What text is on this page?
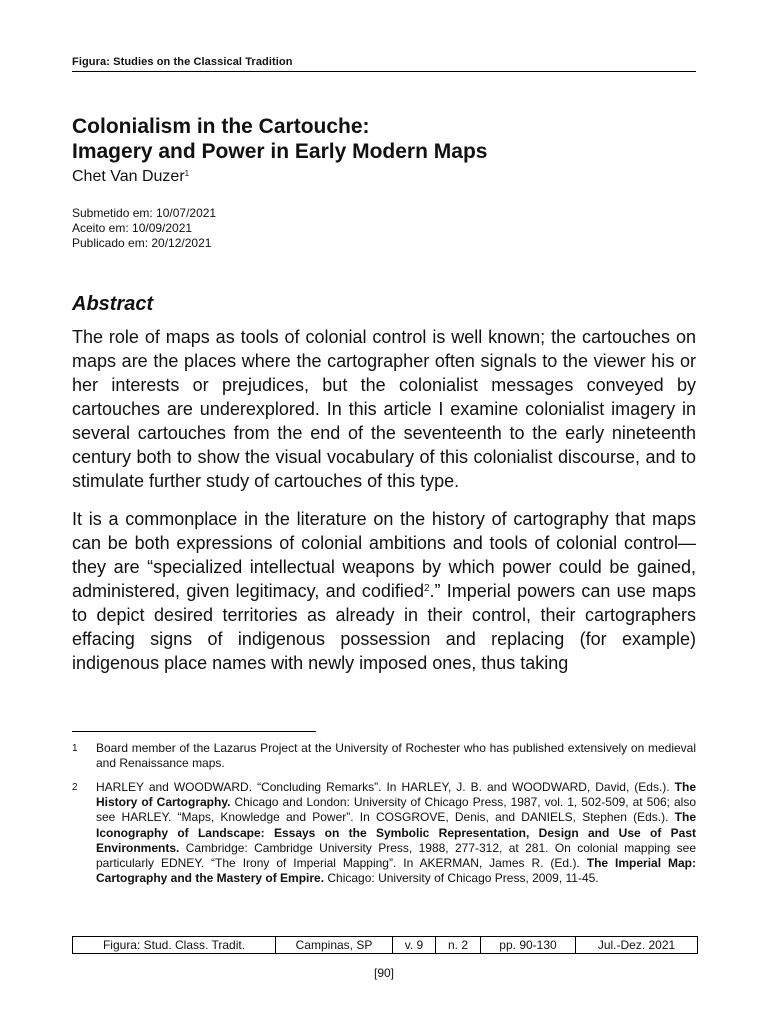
Figura: Studies on the Classical Tradition
Colonialism in the Cartouche:
Imagery and Power in Early Modern Maps
Chet Van Duzer$^1$
Submetido em: 10/07/2021
Aceito em: 10/09/2021
Publicado em: 20/12/2021
Abstract

The role of maps as tools of colonial control is well known; the cartouches on maps are the places where the cartographer often signals to the viewer his or her interests or prejudices, but the colonialist messages conveyed by cartouches are underexplored. In this article I examine colonialist imagery in several cartouches from the end of the seventeenth to the early nineteenth century both to show the visual vocabulary of this colonialist discourse, and to stimulate further study of cartouches of this type.

It is a commonplace in the literature on the history of cartography that maps can be both expressions of colonial ambitions and tools of colonial control—they are “specialized intellectual weapons by which power could be gained, administered, given legitimacy, and codified$^2$.” Imperial powers can use maps to depict desired territories as already in their control, their cartographers effacing signs of indigenous possession and replacing (for example) indigenous place names with newly imposed ones, thus taking

1 Board member of the Lazarus Project at the University of Rochester who has published extensively on medieval and Renaissance maps.
2 HARLEY and WOODWARD. “Concluding Remarks”. In HARLEY, J. B. and WOODWARD, David, (Eds.). The History of Cartography. Chicago and London: University of Chicago Press, 1987, vol. 1, 502-509, at 506; also see HARLEY. “Maps, Knowledge and Power”. In COSGROVE, Denis, and DANIELS, Stephen (Eds.). The Iconography of Landscape: Essays on the Symbolic Representation, Design and Use of Past Environments. Cambridge: Cambridge University Press, 1988, 277-312, at 281. On colonial mapping see particularly EDNEY. “The Irony of Imperial Mapping”. In AKERMAN, James R. (Ed.). The Imperial Map: Cartography and the Mastery of Empire. Chicago: University of Chicago Press, 2009, 11-45.
Figura: Stud. Class. Tradit.	Campinas, SP	v. 9	n. 2	pp. 90-130	Jul.-Dez. 2021
[90]
